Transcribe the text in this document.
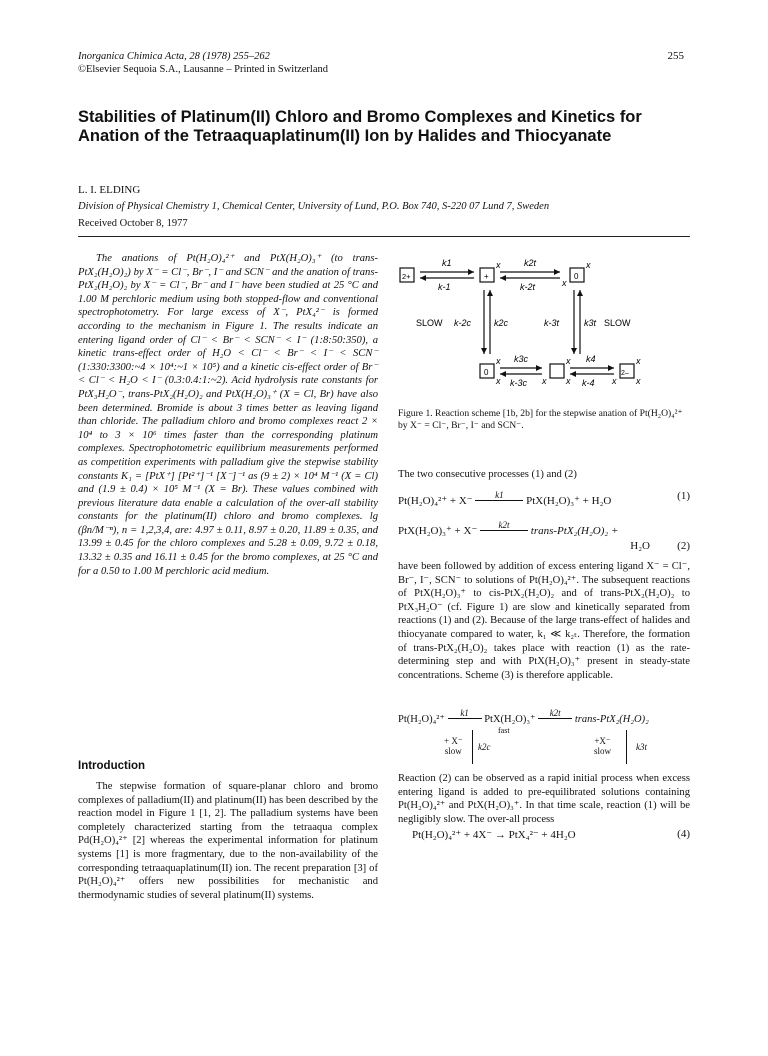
Inorganica Chimica Acta, 28 (1978) 255–262
©Elsevier Sequoia S.A., Lausanne – Printed in Switzerland
255
Stabilities of Platinum(II) Chloro and Bromo Complexes and Kinetics for Anation of the Tetraaquaplatinum(II) Ion by Halides and Thiocyanate
L. I. ELDING
Division of Physical Chemistry 1, Chemical Center, University of Lund, P.O. Box 740, S-220 07 Lund 7, Sweden
Received October 8, 1977

The anations of Pt(H₂O)₄²⁺ and PtX(H₂O)₃⁺ (to trans-PtX₂(H₂O)₂) by X⁻ = Cl⁻, Br⁻, I⁻ and SCN⁻ and the anation of trans-PtX₂(H₂O)₂ by X⁻ = Cl⁻, Br⁻ and I⁻ have been studied at 25 °C and 1.00 M perchloric medium using both stopped-flow and conventional spectrophotometry. For large excess of X⁻, PtX₄²⁻ is formed according to the mechanism in Figure 1. The results indicate an entering ligand order of Cl⁻ < Br⁻ < SCN⁻ < I⁻ (1:8:50:350), a kinetic trans-effect order of H₂O < Cl⁻ < Br⁻ < I⁻ < SCN⁻ (1:330:3300:~4 × 10⁴:~1 × 10⁵) and a kinetic cis-effect order of Br⁻ < Cl⁻ < H₂O < I⁻ (0.3:0.4:1:~2). Acid hydrolysis rate constants for PtX₃H₂O⁻, trans-PtX₂(H₂O)₂ and PtX(H₂O)₃⁺ (X = Cl, Br) have also been determined. Bromide is about 3 times better as leaving ligand than chloride. The palladium chloro and bromo complexes react 2 × 10⁴ to 3 × 10⁶ times faster than the corresponding platinum complexes. Spectrophotometric equilibrium measurements performed as competition experiments with palladium give the stepwise stability constants K₁ = [PtX⁺] [Pt²⁺]⁻¹ [X⁻]⁻¹ as (9 ± 2) × 10⁴ M⁻¹ (X = Cl) and (1.9 ± 0.4) × 10⁵ M⁻¹ (X = Br). These values combined with previous literature data enable a calculation of the over-all stability constants for the platinum(II) chloro and bromo complexes. lg (βn/M⁻ⁿ), n = 1,2,3,4, are: 4.97 ± 0.11, 8.97 ± 0.20, 11.89 ± 0.35, and 13.99 ± 0.45 for the chloro complexes and 5.28 ± 0.09, 9.72 ± 0.18, 13.32 ± 0.35 and 16.11 ± 0.45 for the bromo complexes, at 25 °C and for a 0.50 to 1.00 M perchloric acid medium.

Introduction

The stepwise formation of square-planar chloro and bromo complexes of palladium(II) and platinum(II) has been described by the reaction model in Figure 1 [1, 2]. The palladium systems have been completely characterized starting from the tetraaqua complex Pd(H₂O)₄²⁺ [2] whereas the experimental information for platinum systems [1] is more fragmentary, due to the non-availability of the corresponding tetraaquaplatinum(II) ion. The recent preparation [3] of Pt(H₂O)₄²⁺ offers new possibilities for mechanistic and thermodynamic studies of several platinum(II) systems.

2+	+	0
0	2–
x	x
x
x
x	x
x
x	x
x
x
k1
k-1
k2t
k-2t
SLOW k-2c	k2c	k-3t	k3t SLOW
k3c
k-3c
k4
k-4
Figure 1. Reaction scheme [1b, 2b] for the stepwise anation of Pt(H₂O)₄²⁺ by X⁻ = Cl⁻, Br⁻, I⁻ and SCN⁻.
The two consecutive processes (1) and (2)
Pt(H₂O)₄²⁺ + X⁻	k1 PtX(H₂O)₃⁺ + H₂O	(1)
PtX(H₂O)₃⁺ + X⁻ k2t trans-PtX₂(H₂O)₂ +
H₂O (2)

have been followed by addition of excess entering ligand X⁻ = Cl⁻, Br⁻, I⁻, SCN⁻ to solutions of Pt(H₂O)₄²⁺. The subsequent reactions of PtX(H₂O)₃⁺ to cis-PtX₂(H₂O)₂ and of trans-PtX₂(H₂O)₂ to PtX₃H₂O⁻ (cf. Figure 1) are slow and kinetically separated from reactions (1) and (2). Because of the large trans-effect of halides and thiocyanate compared to water, k₁ ≪ k₂ₜ. Therefore, the formation of trans-PtX₂(H₂O)₂ takes place with reaction (1) as the rate-determining step and with PtX(H₂O)₃⁺ present in steady-state concentrations. Scheme (3) is therefore applicable.

Pt(H₂O)₄²⁺ k1 PtX(H₂O)₃⁺ k2t trans-PtX₂(H₂O)₂
fast
+ X⁻
slow k2c
+X⁻
slow	k3t

Reaction (2) can be observed as a rapid initial process when excess entering ligand is added to pre-equilibrated solutions containing Pt(H₂O)₄²⁺ and PtX(H₂O)₃⁺. In that time scale, reaction (1) will be negligibly slow. The over-all process

Pt(H₂O)₄²⁺ + 4X⁻ → PtX₄²⁻ + 4H₂O	(4)
